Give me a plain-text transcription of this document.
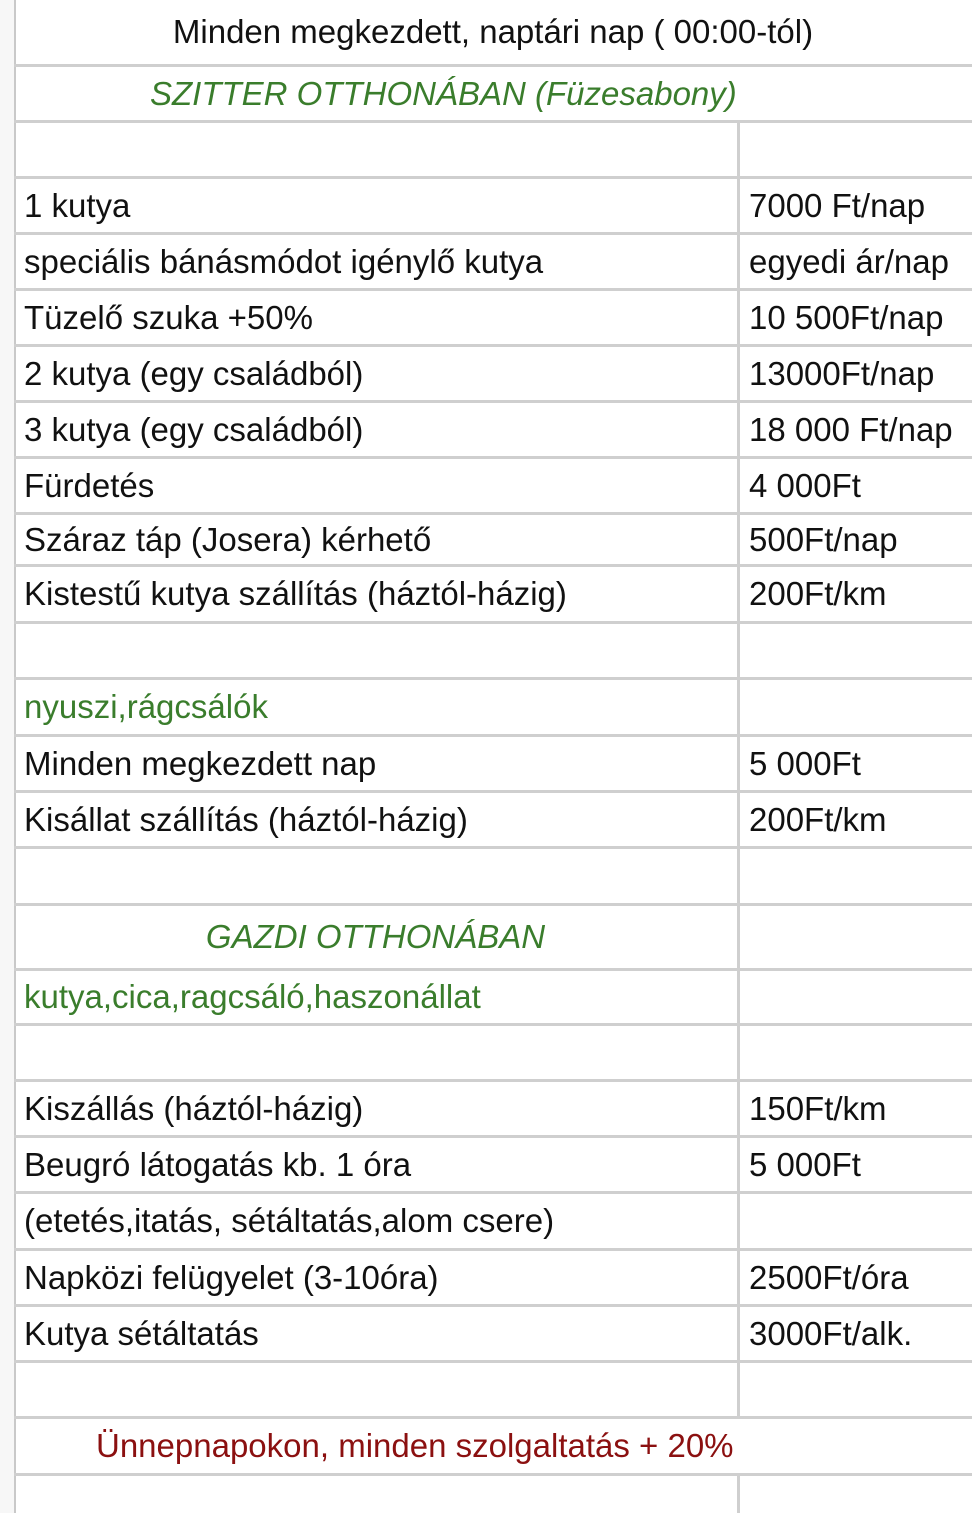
Minden megkezdett, naptári nap ( 00:00-tól)
SZITTER OTTHONÁBAN (Füzesabony)
1 kutya	7000 Ft/nap
speciális bánásmódot igénylő kutya	egyedi ár/nap
Tüzelő szuka +50%	10 500Ft/nap
2 kutya (egy családból)	13000Ft/nap
3 kutya (egy családból)	18 000 Ft/nap
Fürdetés	4 000Ft
Száraz táp (Josera) kérhető	500Ft/nap
Kistestű kutya szállítás (háztól-házig)	200Ft/km
nyuszi,rágcsálók
Minden megkezdett nap	5 000Ft
Kisállat szállítás (háztól-házig)	200Ft/km
GAZDI OTTHONÁBAN
kutya,cica,ragcsáló,haszonállat
Kiszállás (háztól-házig)	150Ft/km
Beugró látogatás kb. 1 óra	5 000Ft
(etetés,itatás, sétáltatás,alom csere)
Napközi felügyelet (3-10óra)	2500Ft/óra
Kutya sétáltatás	3000Ft/alk.
Ünnepnapokon, minden szolgaltatás + 20%
